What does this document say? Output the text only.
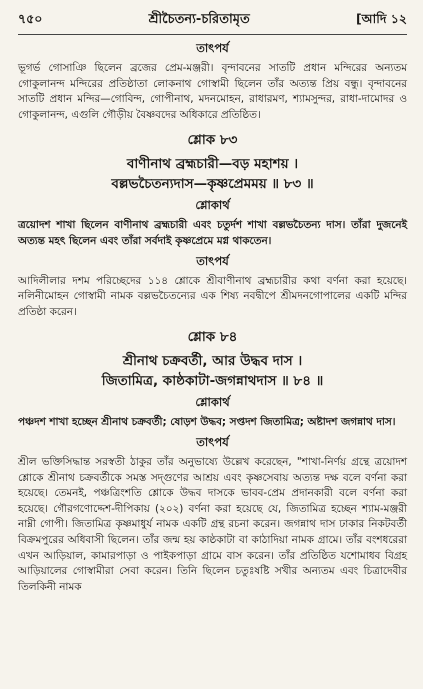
৭৫০	শ্রীচৈতন্য-চরিতামৃত	[আদি ১২
তাৎপর্য

ভূগর্ভ গোসাঞি ছিলেন ব্রজের প্রেম-মঞ্জরী। বৃন্দাবনের সাতটি প্রধান মন্দিরের অন্যতম গোকুলানন্দ মন্দিরের প্রতিষ্ঠাতা লোকনাথ গোস্বামী ছিলেন তাঁর অত্যন্ত প্রিয় বন্ধু। বৃন্দাবনের সাতটি প্রধান মন্দির—গোবিন্দ, গোপীনাথ, মদনমোহন, রাধারমণ, শ্যামসুন্দর, রাধা-দামোদর ও গোকুলানন্দ, এগুলি গৌড়ীয় বৈষ্ণবদের অধিকারে প্রতিষ্ঠিত।

শ্লোক ৮৩
বাণীনাথ ব্রহ্মচারী—বড় মহাশয় ।
বল্লভচৈতন্যদাস—কৃষ্ণপ্রেমময় ॥ ৮৩ ॥
শ্লোকার্থ

ত্রয়োদশ শাখা ছিলেন বাণীনাথ ব্রহ্মচারী এবং চতুর্দশ শাখা বল্লভচৈতন্য দাস। তাঁরা দুজনেই অত্যন্ত মহৎ ছিলেন এবং তাঁরা সর্বদাই কৃষ্ণপ্রেমে মগ্ন থাকতেন।

তাৎপর্য

আদিলীলার দশম পরিচ্ছেদের ১১৪ শ্লোকে শ্রীবাণীনাথ ব্রহ্মচারীর কথা বর্ণনা করা হয়েছে। নলিনীমোহন গোস্বামী নামক বল্লভচৈতন্যের এক শিষ্য নবদ্বীপে শ্রীমদনগোপালের একটি মন্দির প্রতিষ্ঠা করেন।

শ্লোক ৮৪
শ্রীনাথ চক্রবর্তী, আর উদ্ধব দাস ।
জিতামিত্র, কাষ্ঠকাটা-জগন্নাথদাস ॥ ৮৪ ॥
শ্লোকার্থ

পঞ্চদশ শাখা হচ্ছেন শ্রীনাথ চক্রবর্তী; ষোড়শ উদ্ধব; সপ্তদশ জিতামিত্র; অষ্টাদশ জগন্নাথ দাস।

তাৎপর্য

শ্রীল ভক্তিসিদ্ধান্ত সরস্বতী ঠাকুর তাঁর অনুভাষ্যে উল্লেখ করেছেন, "শাখা-নির্ণয় গ্রন্থে ত্রয়োদশ শ্লোকে শ্রীনাথ চক্রবর্তীকে সমস্ত সদ্গুণের আশ্রয় এবং কৃষ্ণসেবায় অত্যন্ত দক্ষ বলে বর্ণনা করা হয়েছে। তেমনই, পঞ্চত্রিংশতি শ্লোকে উদ্ধব দাসকে ভাবব-প্রেম প্রদানকারী বলে বর্ণনা করা হয়েছে। গৌরগণোদ্দেশ-দীপিকায় (২০২) বর্ণনা করা হয়েছে যে, জিতামিত্র হচ্ছেন শ্যাম-মঞ্জরী নাম্নী গোপী। জিতামিত্র কৃষ্ণমাধুর্য নামক একটি গ্রন্থ রচনা করেন। জগন্নাথ দাস ঢাকার নিকটবর্তী বিক্রমপুরের অধিবাসী ছিলেন। তাঁর জন্ম হয় কাষ্ঠকাটা বা কাঠাদিয়া নামক গ্রামে। তাঁর বংশধরেরা এখন আড়িয়াল, কামারপাড়া ও পাইকপাড়া গ্রামে বাস করেন। তাঁর প্রতিষ্ঠিত যশোমাধব বিগ্রহ আড়িয়ালের গোস্বামীরা সেবা করেন। তিনি ছিলেন চতুঃষষ্টি সখীর অন্যতম এবং চিত্রাদেবীর তিলকিনী নামক
